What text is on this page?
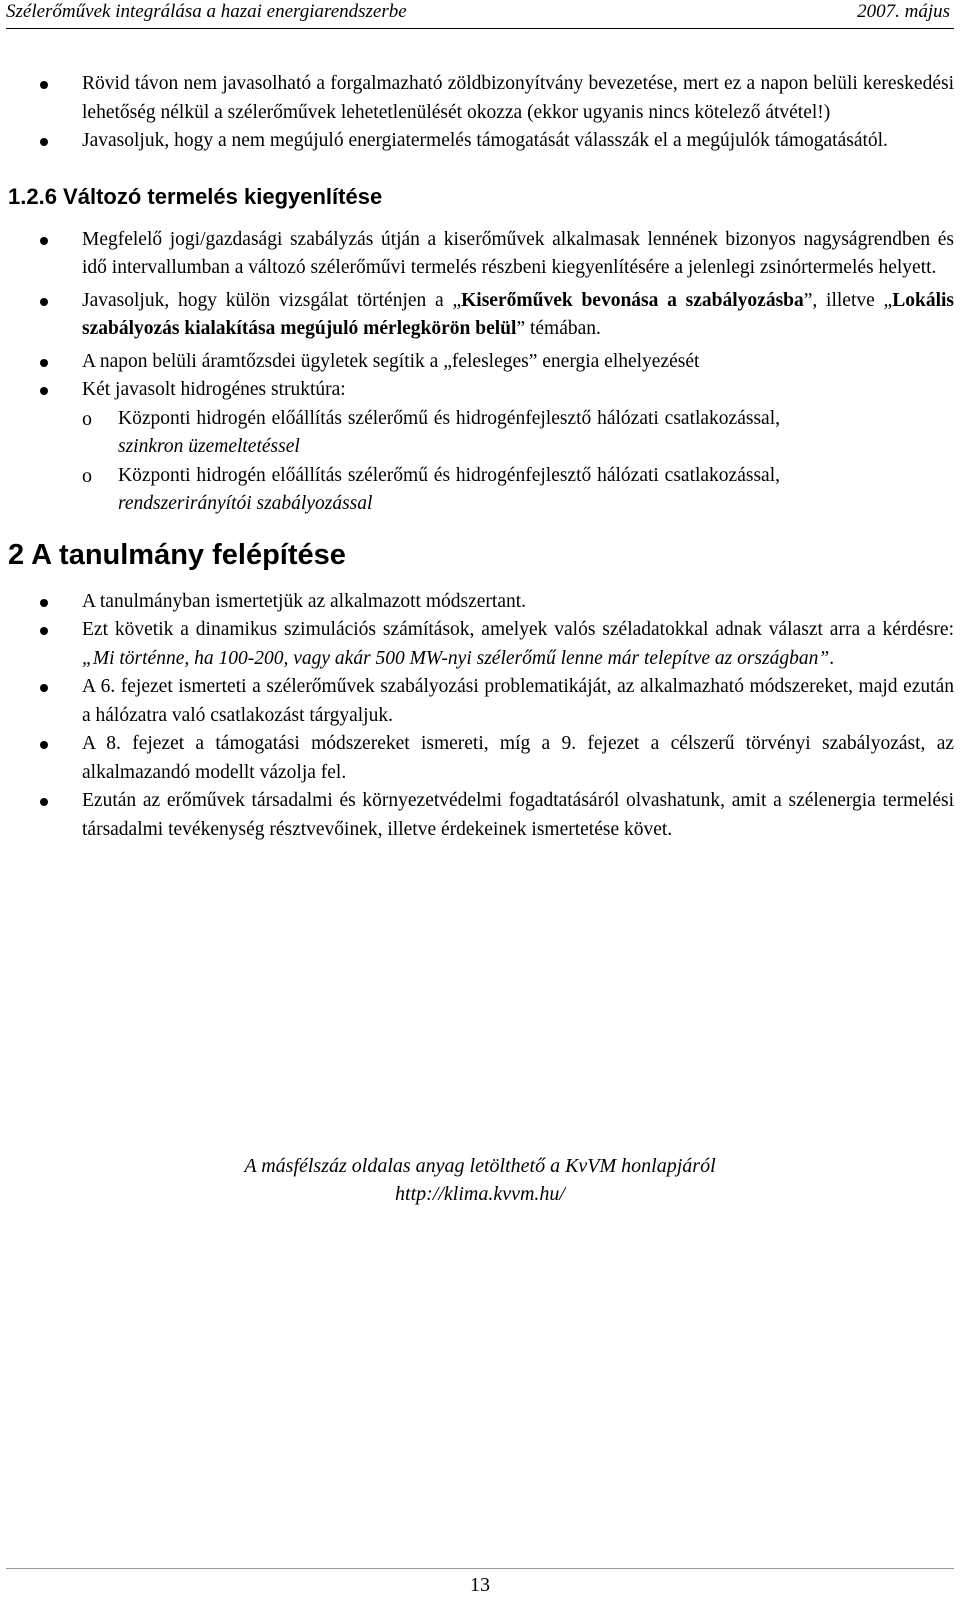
Szélerőművek integrálása a hazai energiarendszerbe	2007. május
Rövid távon nem javasolható a forgalmazható zöldbizonyítvány bevezetése, mert ez a napon belüli kereskedési lehetőség nélkül a szélerőművek lehetetlenülését okozza (ekkor ugyanis nincs kötelező átvétel!)
Javasoljuk, hogy a nem megújuló energiatermelés támogatását válasszák el a megújulók támogatásától.
1.2.6 Változó termelés kiegyenlítése
Megfelelő jogi/gazdasági szabályzás útján a kiserőművek alkalmasak lennének bizonyos nagyságrendben és idő intervallumban a változó szélerőművi termelés részbeni kiegyenlítésére a jelenlegi zsinórtermelés helyett.
Javasoljuk, hogy külön vizsgálat történjen a „Kiserőművek bevonása a szabályozásba”, illetve „Lokális szabályozás kialakítása megújuló mérlegkörön belül” témában.
A napon belüli áramtőzsdei ügyletek segítik a „felesleges” energia elhelyezését
Két javasolt hidrogénes struktúra:
o Központi hidrogén előállítás szélerőmű és hidrogénfejlesztő hálózati csatlakozással, szinkron üzemeltetéssel
o Központi hidrogén előállítás szélerőmű és hidrogénfejlesztő hálózati csatlakozással, rendszerirányítói szabályozással
2 A tanulmány felépítése
A tanulmányban ismertetjük az alkalmazott módszertant.
Ezt követik a dinamikus szimulációs számítások, amelyek valós széladatokkal adnak választ arra a kérdésre: „Mi történne, ha 100-200, vagy akár 500 MW-nyi szélerőmű lenne már telepítve az országban”.
A 6. fejezet ismerteti a szélerőművek szabályozási problematikáját, az alkalmazható módszereket, majd ezután a hálózatra való csatlakozást tárgyaljuk.
A 8. fejezet a támogatási módszereket ismereti, míg a 9. fejezet a célszerű törvényi szabályozást, az alkalmazandó modellt vázolja fel.
Ezután az erőművek társadalmi és környezetvédelmi fogadtatásáról olvashatunk, amit a szélenergia termelési társadalmi tevékenység résztvevőinek, illetve érdekeinek ismertetése követ.
A másfélszáz oldalas anyag letölthető a KvVM honlapjáról
http://klima.kvvm.hu/
13
